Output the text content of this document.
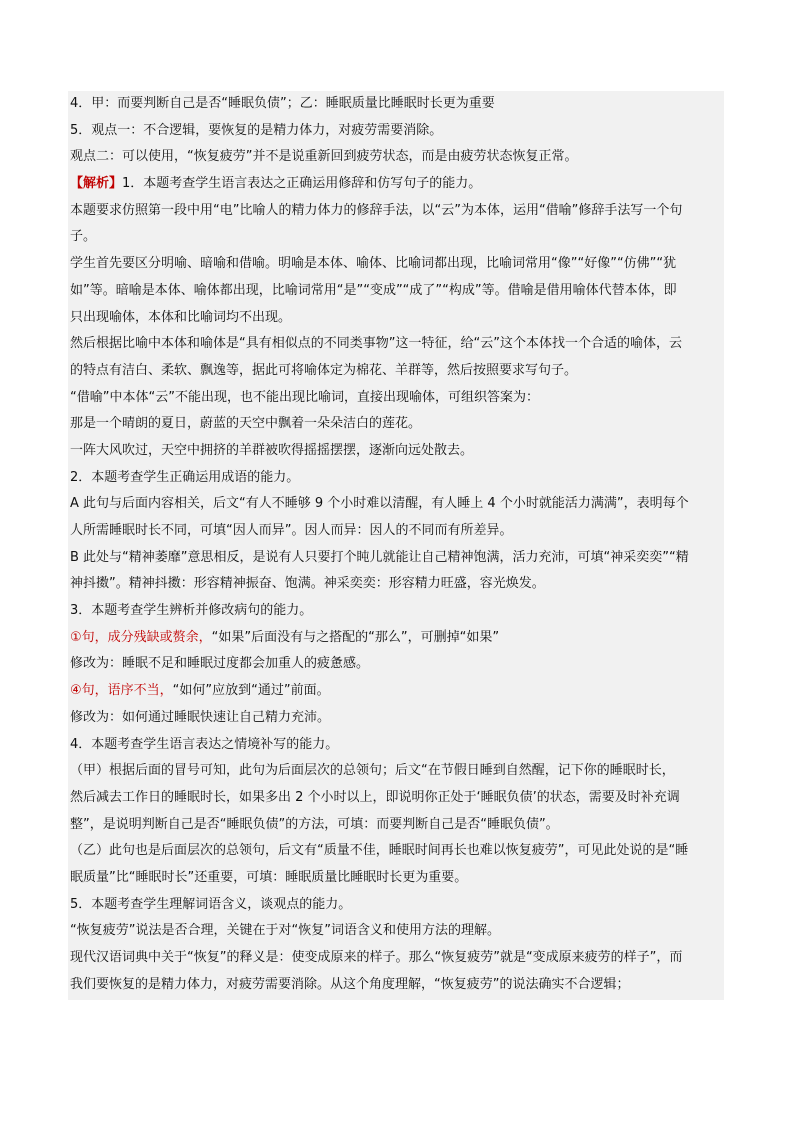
4．甲：而要判断自己是否“睡眠负债”；乙：睡眠质量比睡眠时长更为重要
5．观点一：不合逻辑，要恢复的是精力体力，对疲劳需要消除。
观点二：可以使用，“恢复疲劳”并不是说重新回到疲劳状态，而是由疲劳状态恢复正常。
【解析】1．本题考查学生语言表达之正确运用修辞和仿写句子的能力。
本题要求仿照第一段中用“电”比喻人的精力体力的修辞手法，以“云”为本体，运用“借喻”修辞手法写一个句
子。
学生首先要区分明喻、暗喻和借喻。明喻是本体、喻体、比喻词都出现，比喻词常用“像”“好像”“仿佛”“犹
如”等。暗喻是本体、喻体都出现，比喻词常用“是”“变成”“成了”“构成”等。借喻是借用喻体代替本体，即
只出现喻体，本体和比喻词均不出现。
然后根据比喻中本体和喻体是“具有相似点的不同类事物”这一特征，给“云”这个本体找一个合适的喻体，云
的特点有洁白、柔软、飘逸等，据此可将喻体定为棉花、羊群等，然后按照要求写句子。
“借喻”中本体“云”不能出现，也不能出现比喻词，直接出现喻体，可组织答案为：
那是一个晴朗的夏日，蔚蓝的天空中飘着一朵朵洁白的莲花。
一阵大风吹过，天空中拥挤的羊群被吹得摇摇摆摆，逐渐向远处散去。
2．本题考查学生正确运用成语的能力。
A 此句与后面内容相关，后文“有人不睡够 9 个小时难以清醒，有人睡上 4 个小时就能活力满满”，表明每个
人所需睡眠时长不同，可填“因人而异”。因人而异：因人的不同而有所差异。
B 此处与“精神萎靡”意思相反，是说有人只要打个盹儿就能让自己精神饱满，活力充沛，可填“神采奕奕”“精
神抖擞”。精神抖擞：形容精神振奋、饱满。神采奕奕：形容精力旺盛，容光焕发。
3．本题考查学生辨析并修改病句的能力。
①句，成分残缺或赘余，“如果”后面没有与之搭配的“那么”，可删掉“如果”
修改为：睡眠不足和睡眠过度都会加重人的疲惫感。
④句，语序不当，“如何”应放到“通过”前面。
修改为：如何通过睡眠快速让自己精力充沛。
4．本题考查学生语言表达之情境补写的能力。
（甲）根据后面的冒号可知，此句为后面层次的总领句；后文“在节假日睡到自然醒，记下你的睡眠时长，
然后减去工作日的睡眠时长，如果多出 2 个小时以上，即说明你正处于‘睡眠负债’的状态，需要及时补充调
整”，是说明判断自己是否“睡眠负债”的方法，可填：而要判断自己是否“睡眠负债”。
（乙）此句也是后面层次的总领句，后文有“质量不佳，睡眠时间再长也难以恢复疲劳”，可见此处说的是“睡
眠质量”比“睡眠时长”还重要，可填：睡眠质量比睡眠时长更为重要。
5．本题考查学生理解词语含义，谈观点的能力。
“恢复疲劳”说法是否合理，关键在于对“恢复”词语含义和使用方法的理解。
现代汉语词典中关于“恢复”的释义是：使变成原来的样子。那么“恢复疲劳”就是“变成原来疲劳的样子”，而
我们要恢复的是精力体力，对疲劳需要消除。从这个角度理解，“恢复疲劳”的说法确实不合逻辑；
